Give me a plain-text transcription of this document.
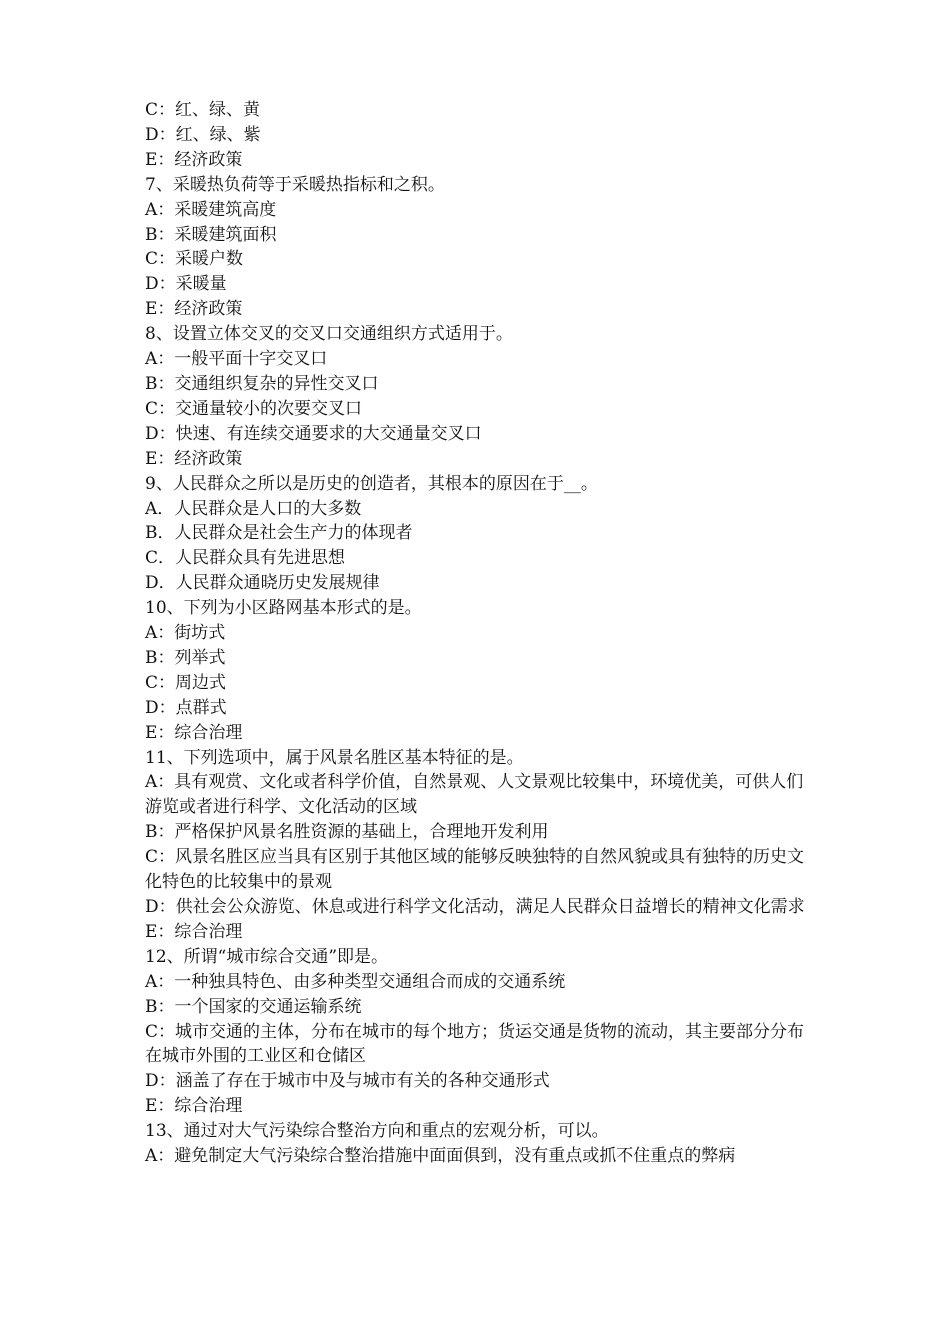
C：红、绿、黄

D：红、绿、紫

E：经济政策

7、采暖热负荷等于采暖热指标和之积。

A：采暖建筑高度

B：采暖建筑面积

C：采暖户数

D：采暖量

E：经济政策

8、设置立体交叉的交叉口交通组织方式适用于。

A：一般平面十字交叉口

B：交通组织复杂的异性交叉口

C：交通量较小的次要交叉口

D：快速、有连续交通要求的大交通量交叉口

E：经济政策

9、人民群众之所以是历史的创造者，其根本的原因在于__。

A．人民群众是人口的大多数

B．人民群众是社会生产力的体现者

C．人民群众具有先进思想

D．人民群众通晓历史发展规律

10、下列为小区路网基本形式的是。

A：街坊式

B：列举式

C：周边式

D：点群式

E：综合治理

11、下列选项中，属于风景名胜区基本特征的是。

A：具有观赏、文化或者科学价值，自然景观、人文景观比较集中，环境优美，可供人们游览或者进行科学、文化活动的区域

B：严格保护风景名胜资源的基础上，合理地开发利用

C：风景名胜区应当具有区别于其他区域的能够反映独特的自然风貌或具有独特的历史文化特色的比较集中的景观

D：供社会公众游览、休息或进行科学文化活动，满足人民群众日益增长的精神文化需求

E：综合治理

12、所谓“城市综合交通”即是。

A：一种独具特色、由多种类型交通组合而成的交通系统

B：一个国家的交通运输系统

C：城市交通的主体，分布在城市的每个地方；货运交通是货物的流动，其主要部分分布在城市外围的工业区和仓储区

D：涵盖了存在于城市中及与城市有关的各种交通形式

E：综合治理

13、通过对大气污染综合整治方向和重点的宏观分析，可以。

A：避免制定大气污染综合整治措施中面面俱到，没有重点或抓不住重点的弊病
